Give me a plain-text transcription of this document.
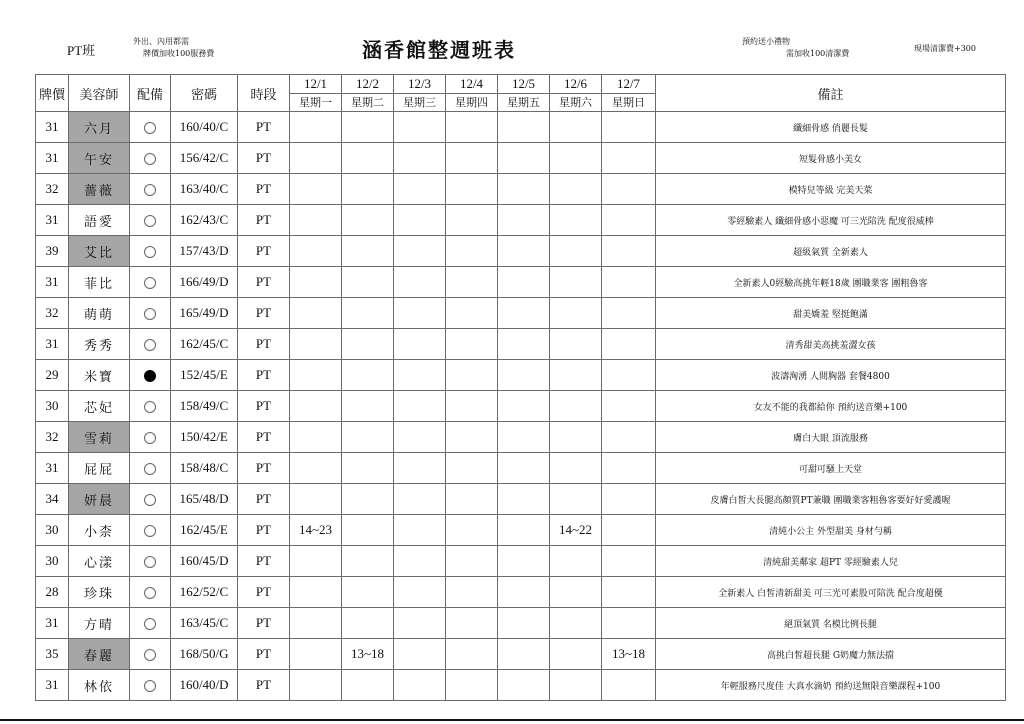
PT班
外出、內用都需
牌價加收100服務費	涵香館整週班表	預約送小禮物
需加收100清潔費
現場清潔費+300
牌價	美容師	配備	密碼	時段	12/1	12/2	12/3	12/4	12/5	12/6	12/7	備註
					星期一	星期二	星期三	星期四	星期五	星期六	星期日	
31	六月		160/40/C	PT								纖細骨感 俏麗長髮
31	午安		156/42/C	PT								短髮骨感小美女
32	薔薇		163/40/C	PT								模特兒等級 完美天菜
31	語愛		162/43/C	PT								零經驗素人 纖細骨感小惡魔 可三光陪洗 配度很威棒
39	艾比		157/43/D	PT								超級氣質 全新素人
31	菲比		166/49/D	PT								全新素人0經驗高挑年輕18歲 團職業客 團粗魯客
32	萌萌		165/49/D	PT								甜美嬌羞 堅挺飽滿
31	秀秀		162/45/C	PT								清秀甜美高挑羞澀女孩
29	米寶		152/45/E	PT								波濤洶湧 人間胸器 套餐4800
30	芯妃		158/49/C	PT								女友不能的我都給你 預約送音樂+100
32	雪莉		150/42/E	PT								膚白大眼 頂流服務
31	屁屁		158/48/C	PT								可甜可騷上天堂
34	妍晨		165/48/D	PT								皮膚白皙大長腿高顏質PT兼職 團職業客粗魯客要好好愛護喔
30	小柰		162/45/E	PT	14~23					14~22		清純小公主 外型甜美 身材勻稱
30	心漾		160/45/D	PT								清純甜美鄰家 超PT 零經驗素人兒
28	珍珠		162/52/C	PT								全新素人 白皙清新甜美 可三光可素股可陪洗 配合度超優
31	方晴		163/45/C	PT								絕頂氣質 名模比例長腿
35	春麗		168/50/G	PT		13~18					13~18	高挑白皙超長腿 G奶魔力無法擋
31	林依		160/40/D	PT								年輕服務尺度佳 大真水滴奶 預約送無限音樂課程+100
